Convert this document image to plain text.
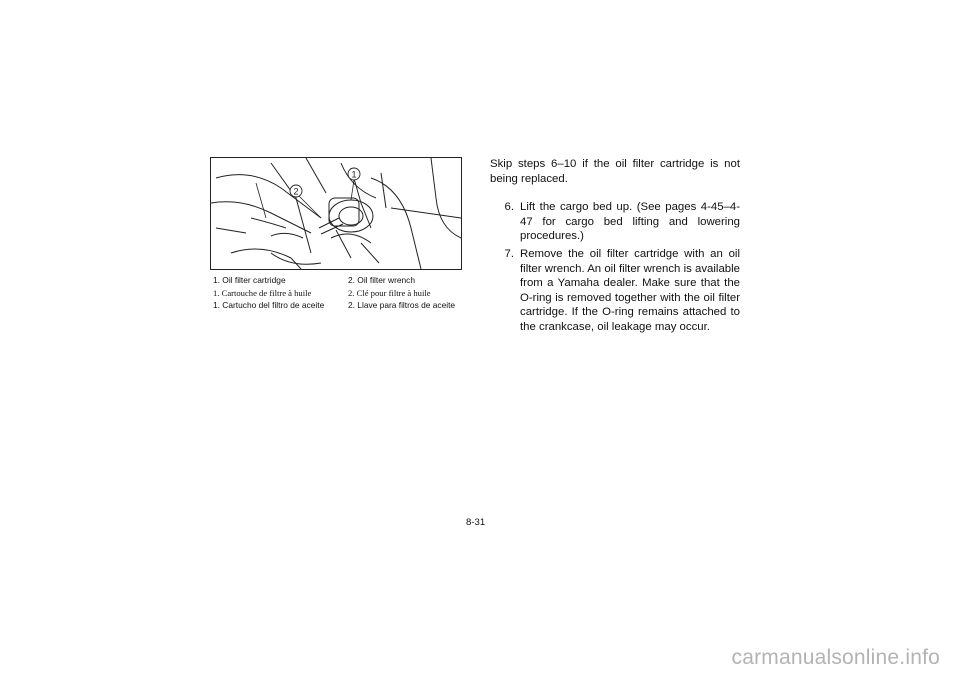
1
2
1. Oil filter cartridge	2. Oil filter wrench
1. Cartouche de filtre à huile	2. Clé pour filtre à huile
1. Cartucho del filtro de aceite	2. Llave para filtros de aceite

Skip steps 6–10 if the oil filter cartridge is not being replaced.

6. Lift the cargo bed up. (See pages 4-45–4-47 for cargo bed lifting and lowering procedures.)
7. Remove the oil filter cartridge with an oil filter wrench. An oil filter wrench is available from a Yamaha dealer. Make sure that the O-ring is removed together with the oil filter cartridge. If the O-ring remains attached to the crankcase, oil leakage may occur.
8-31
carmanualsonline.info
